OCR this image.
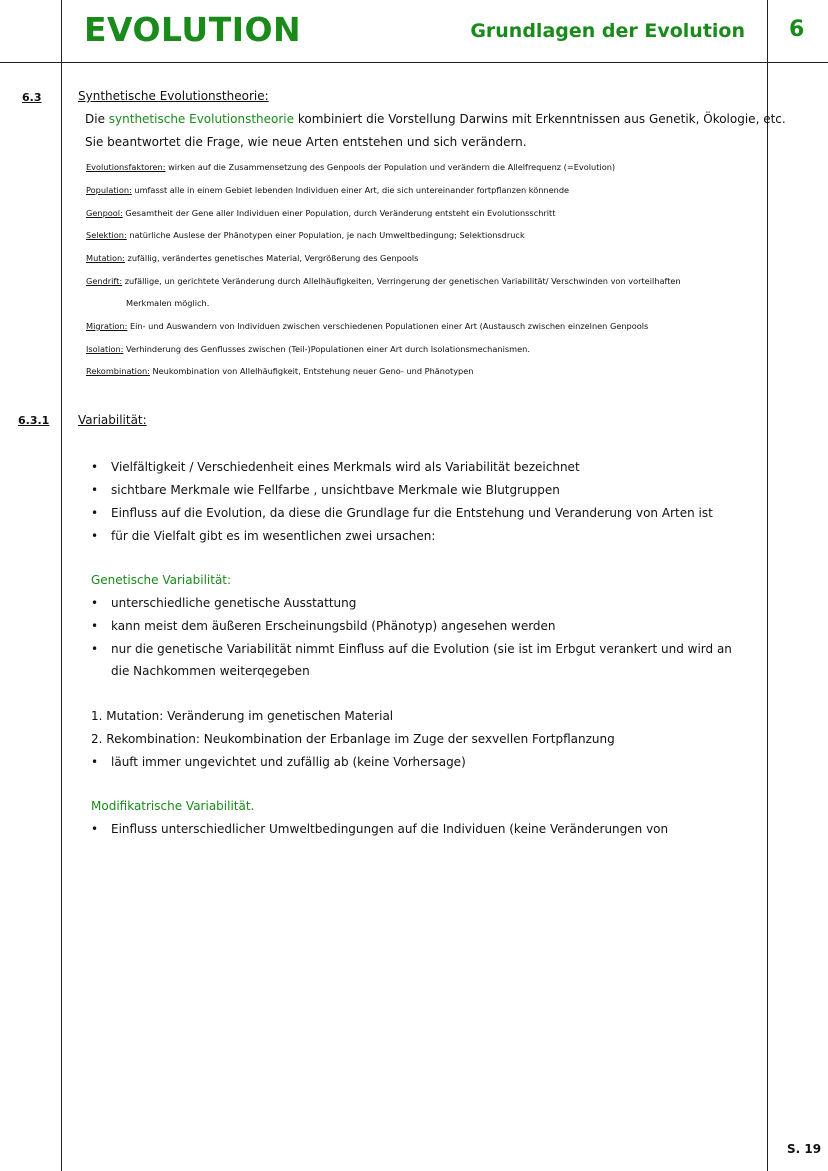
EVOLUTION	Grundlagen der Evolution 6
6.3	Synthetische Evolutionstheorie:
Die synthetische Evolutionstheorie kombiniert die Vorstellung Darwins mit Erkenntnissen aus Genetik, Ökologie, etc.
Sie beantwortet die Frage, wie neue Arten entstehen und sich verändern.
Evolutionsfaktoren: wirken auf die Zusammensetzung des Genpools der Population und verändern die Allelfrequenz (=Evolution)
Population: umfasst alle in einem Gebiet lebenden Individuen einer Art, die sich untereinander fortpflanzen könnende
Genpool: Gesamtheit der Gene aller Individuen einer Population, durch Veränderung entsteht ein Evolutionsschritt
Selektion: natürliche Auslese der Phänotypen einer Population, je nach Umweltbedingung; Selektionsdruck
Mutation: zufällig, verändertes genetisches Material, Vergrößerung des Genpools
Gendrift: zufällige, un gerichtete Veränderung durch Allelhäufigkeiten, Verringerung der genetischen Variabilität/ Verschwinden von vorteilhaften
Merkmalen möglich.
Migration: Ein- und Auswandern von Individuen zwischen verschiedenen Populationen einer Art (Austausch zwischen einzelnen Genpools
Isolation: Verhinderung des Genflusses zwischen (Teil-)Populationen einer Art durch Isolationsmechanismen.
Rekombination: Neukombination von Allelhäufigkeit, Entstehung neuer Geno- und Phänotypen
6.3.1 Variabilität:
• Vielfältigkeit / Verschiedenheit eines Merkmals wird als Variabilität bezeichnet
• sichtbare Merkmale wie Fellfarbe , unsichtbave Merkmale wie Blutgruppen
• Einfluss auf die Evolution, da diese die Grundlage fur die Entstehung und Veranderung von Arten ist
• für die Vielfalt gibt es im wesentlichen zwei ursachen:
Genetische Variabilität:
• unterschiedliche genetische Ausstattung
• kann meist dem äußeren Erscheinungsbild (Phänotyp) angesehen werden
• nur die genetische Variabilität nimmt Einfluss auf die Evolution (sie ist im Erbgut verankert und wird an
die Nachkommen weiterqegeben
1. Mutation: Veränderung im genetischen Material
2. Rekombination: Neukombination der Erbanlage im Zuge der sexvellen Fortpflanzung
• läuft immer ungevichtet und zufällig ab (keine Vorhersage)
Modifikatrische Variabilität.
• Einfluss unterschiedlicher Umweltbedingungen auf die Individuen (keine Veränderungen von
S. 19
